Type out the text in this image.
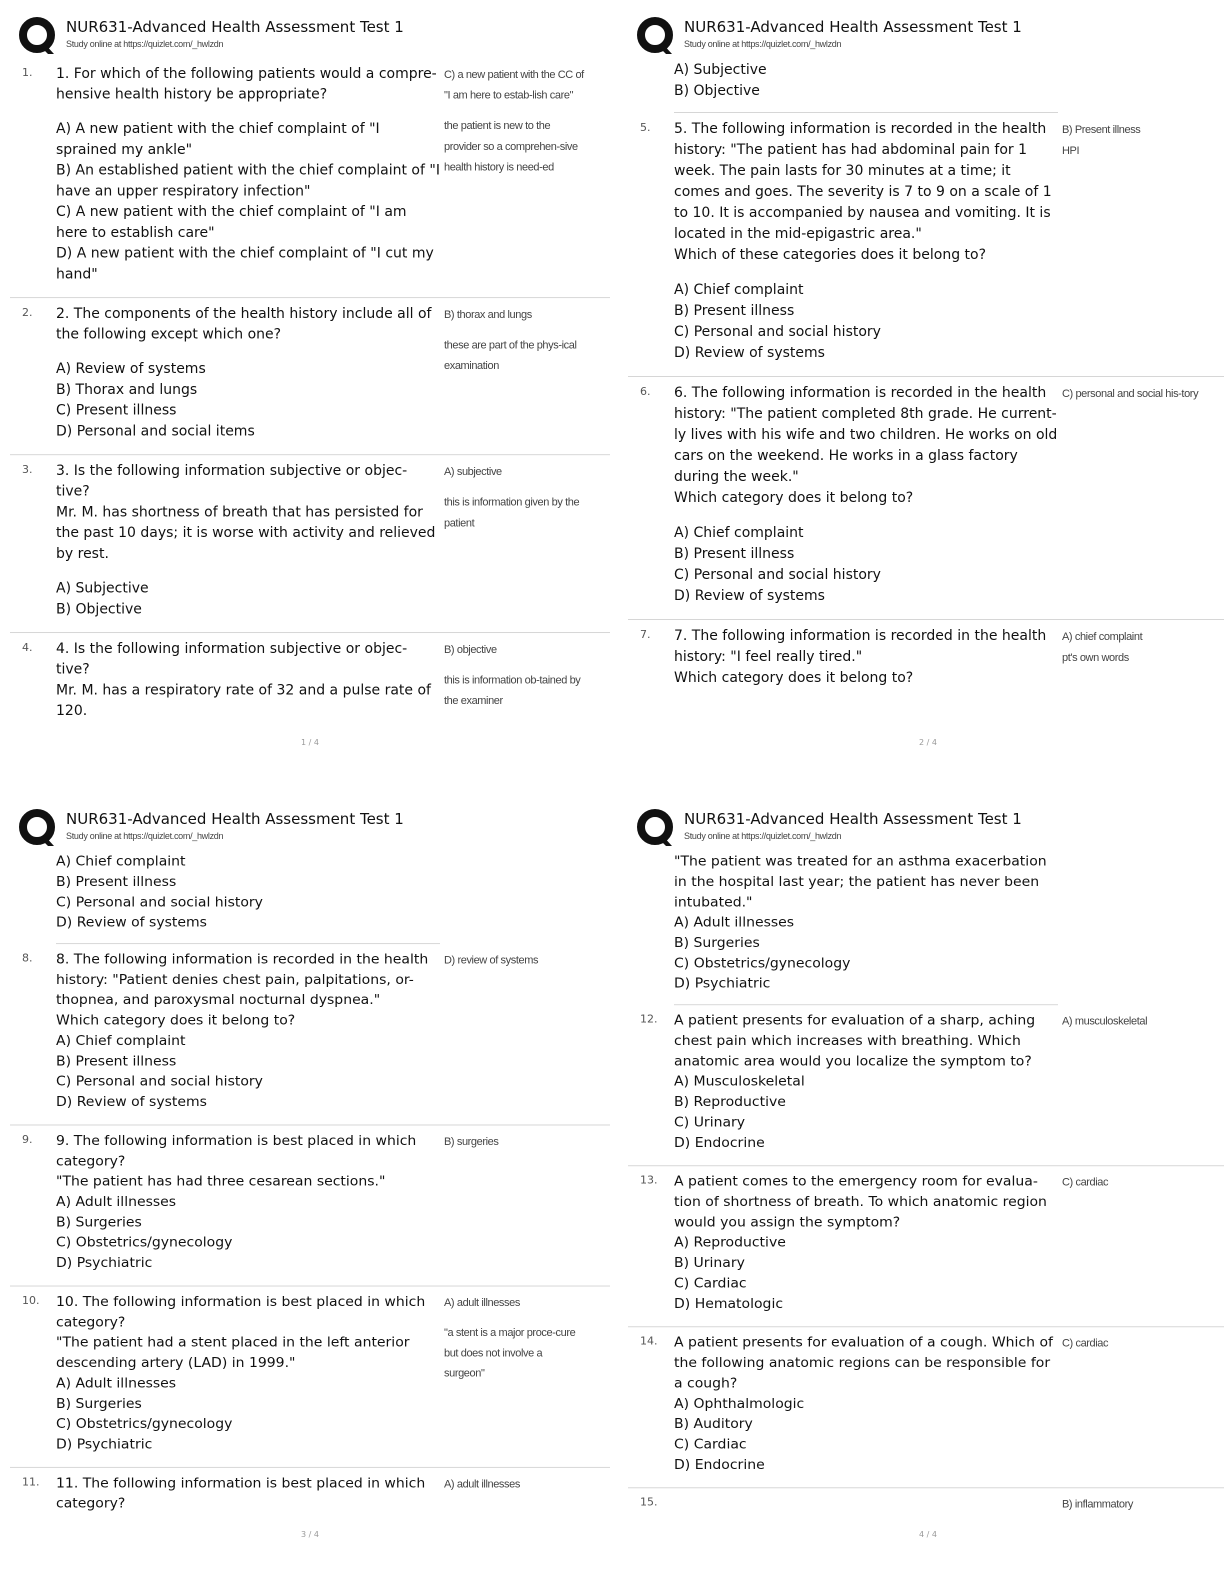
NUR631-Advanced Health Assessment Test 1
Study online at https://quizlet.com/_hwlzdn
1. 1. For which of the following patients would a compre-hensive health history be appropriate?
A) A new patient with the chief complaint of "I sprained my ankle"
B) An established patient with the chief complaint of "I have an upper respiratory infection"
C) A new patient with the chief complaint of "I am here to establish care"
D) A new patient with the chief complaint of "I cut my hand"
C) a new patient with the CC of "I am here to estab-lish care"
the patient is new to the provider so a comprehen-sive health history is need-ed
2. 2. The components of the health history include all of the following except which one?
A) Review of systems
B) Thorax and lungs
C) Present illness
D) Personal and social items
B) thorax and lungs
these are part of the phys-ical examination
3. 3. Is the following information subjective or objec-tive?
Mr. M. has shortness of breath that has persisted for the past 10 days; it is worse with activity and relieved by rest.
A) Subjective
B) Objective
A) subjective
this is information given by the patient
4. 4. Is the following information subjective or objec-tive?
Mr. M. has a respiratory rate of 32 and a pulse rate of 120.
B) objective
this is information ob-tained by the examiner
1 / 4
NUR631-Advanced Health Assessment Test 1
Study online at https://quizlet.com/_hwlzdn
A) Subjective
B) Objective
5. 5. The following information is recorded in the health history: "The patient has had abdominal pain for 1 week. The pain lasts for 30 minutes at a time; it comes and goes. The severity is 7 to 9 on a scale of 1 to 10. It is accompanied by nausea and vomiting. It is located in the mid-epigastric area."
Which of these categories does it belong to?
A) Chief complaint
B) Present illness
C) Personal and social history
D) Review of systems
B) Present illness
HPI
6. 6. The following information is recorded in the health history: "The patient completed 8th grade. He current-ly lives with his wife and two children. He works on old cars on the weekend. He works in a glass factory during the week."
Which category does it belong to?
A) Chief complaint
B) Present illness
C) Personal and social history
D) Review of systems
C) personal and social his-tory
7. 7. The following information is recorded in the health history: "I feel really tired."
Which category does it belong to?
A) chief complaint
pt's own words
2 / 4
NUR631-Advanced Health Assessment Test 1
Study online at https://quizlet.com/_hwlzdn
A) Chief complaint
B) Present illness
C) Personal and social history
D) Review of systems
8. 8. The following information is recorded in the health history: "Patient denies chest pain, palpitations, or-thopnea, and paroxysmal nocturnal dyspnea."
Which category does it belong to?
A) Chief complaint
B) Present illness
C) Personal and social history
D) Review of systems
D) review of systems
9. 9. The following information is best placed in which category?
"The patient has had three cesarean sections."
A) Adult illnesses
B) Surgeries
C) Obstetrics/gynecology
D) Psychiatric
B) surgeries
10. 10. The following information is best placed in which category?
"The patient had a stent placed in the left anterior descending artery (LAD) in 1999."
A) Adult illnesses
B) Surgeries
C) Obstetrics/gynecology
D) Psychiatric
A) adult illnesses
"a stent is a major proce-cure but does not involve a surgeon"
11. 11. The following information is best placed in which category?
A) adult illnesses
3 / 4
NUR631-Advanced Health Assessment Test 1
Study online at https://quizlet.com/_hwlzdn
"The patient was treated for an asthma exacerbation in the hospital last year; the patient has never been intubated."
A) Adult illnesses
B) Surgeries
C) Obstetrics/gynecology
D) Psychiatric
12. A patient presents for evaluation of a sharp, aching chest pain which increases with breathing. Which anatomic area would you localize the symptom to?
A) Musculoskeletal
B) Reproductive
C) Urinary
D) Endocrine
A) musculoskeletal
13. A patient comes to the emergency room for evalua-tion of shortness of breath. To which anatomic region would you assign the symptom?
A) Reproductive
B) Urinary
C) Cardiac
D) Hematologic
C) cardiac
14. A patient presents for evaluation of a cough. Which of the following anatomic regions can be responsible for a cough?
A) Ophthalmologic
B) Auditory
C) Cardiac
D) Endocrine
C) cardiac
15.	B) inflammatory
4 / 4
